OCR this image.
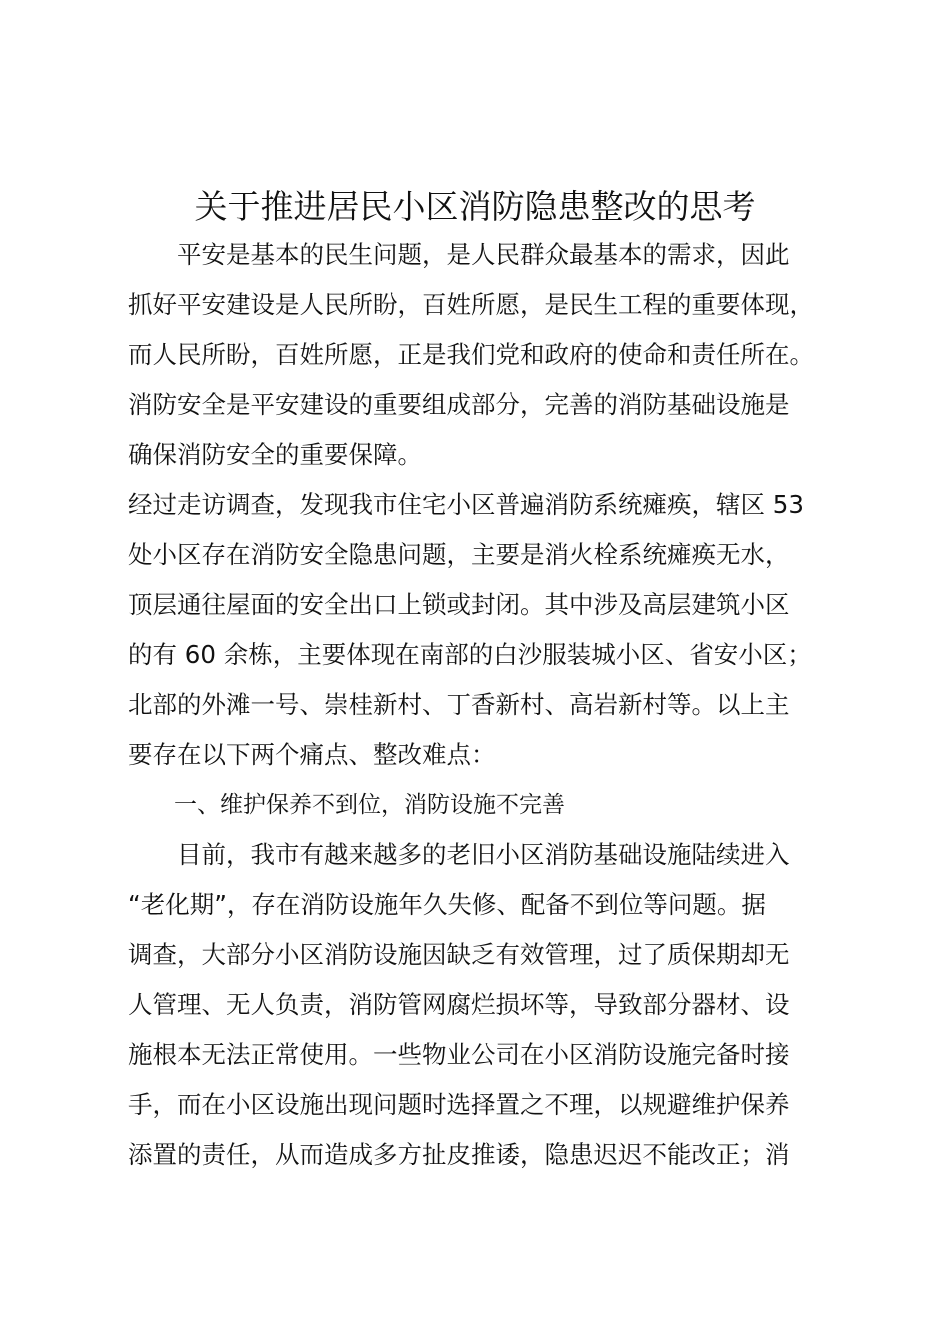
关于推进居民小区消防隐患整改的思考
　　平安是基本的民生问题，是人民群众最基本的需求，因此
抓好平安建设是人民所盼，百姓所愿，是民生工程的重要体现，
而人民所盼，百姓所愿，正是我们党和政府的使命和责任所在。
消防安全是平安建设的重要组成部分，完善的消防基础设施是
确保消防安全的重要保障。
经过走访调查，发现我市住宅小区普遍消防系统瘫痪，辖区 53
处小区存在消防安全隐患问题，主要是消火栓系统瘫痪无水，
顶层通往屋面的安全出口上锁或封闭。其中涉及高层建筑小区
的有 60 余栋，主要体现在南部的白沙服装城小区、省安小区；
北部的外滩一号、崇桂新村、丁香新村、高岩新村等。以上主
要存在以下两个痛点、整改难点：
　　一、维护保养不到位，消防设施不完善
　　目前，我市有越来越多的老旧小区消防基础设施陆续进入
“老化期”，存在消防设施年久失修、配备不到位等问题。据
调查，大部分小区消防设施因缺乏有效管理，过了质保期却无
人管理、无人负责，消防管网腐烂损坏等，导致部分器材、设
施根本无法正常使用。一些物业公司在小区消防设施完备时接
手，而在小区设施出现问题时选择置之不理，以规避维护保养
添置的责任，从而造成多方扯皮推诿，隐患迟迟不能改正；消
